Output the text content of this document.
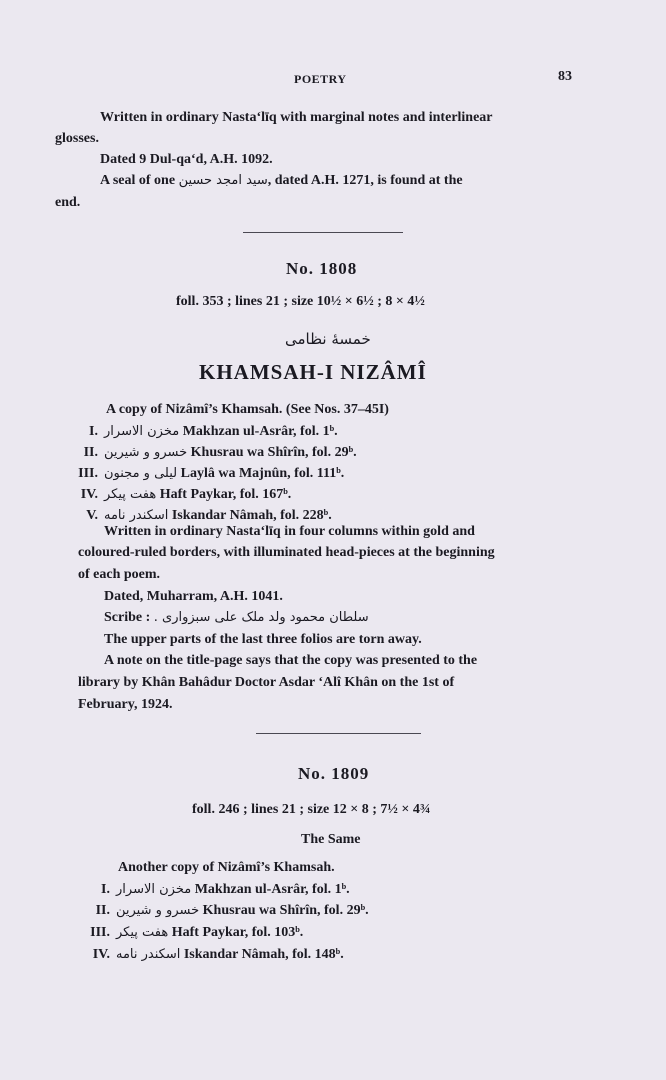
POETRY	83
Written in ordinary Nasta‘līq with marginal notes and interlinear
glosses.
Dated 9 Dul-qa‘d, A.H. 1092.
A seal of one سید امجد حسین, dated A.H. 1271, is found at the
end.
No. 1808
foll. 353 ; lines 21 ; size 10½ × 6½ ; 8 × 4½
خمسهٔ نظامی
KHAMSAH-I NIZÂMÎ
A copy of Nizâmî’s Khamsah. (See Nos. 37–45I)
I. مخزن الاسرار Makhzan ul-Asrâr, fol. 1ᵇ.
II. خسرو و شیرین Khusrau wa Shîrîn, fol. 29ᵇ.
III. لیلی و مجنون Laylâ wa Majnûn, fol. 111ᵇ.
IV. هفت پیکر Haft Paykar, fol. 167ᵇ.
V. اسکندر نامه Iskandar Nâmah, fol. 228ᵇ.
Written in ordinary Nasta‘līq in four columns within gold and
coloured-ruled borders, with illuminated head-pieces at the beginning
of each poem.
Dated, Muharram, A.H. 1041.
Scribe : سلطان محمود ولد ملک علی سبزواری .
The upper parts of the last three folios are torn away.
A note on the title-page says that the copy was presented to the
library by Khân Bahâdur Doctor Asdar ‘Alî Khân on the 1st of
February, 1924.
No. 1809
foll. 246 ; lines 21 ; size 12 × 8 ; 7½ × 4¾
The Same
Another copy of Nizâmî’s Khamsah.
I. مخزن الاسرار Makhzan ul-Asrâr, fol. 1ᵇ.
II. خسرو و شیرین Khusrau wa Shîrîn, fol. 29ᵇ.
III. هفت پیکر Haft Paykar, fol. 103ᵇ.
IV. اسکندر نامه Iskandar Nâmah, fol. 148ᵇ.
